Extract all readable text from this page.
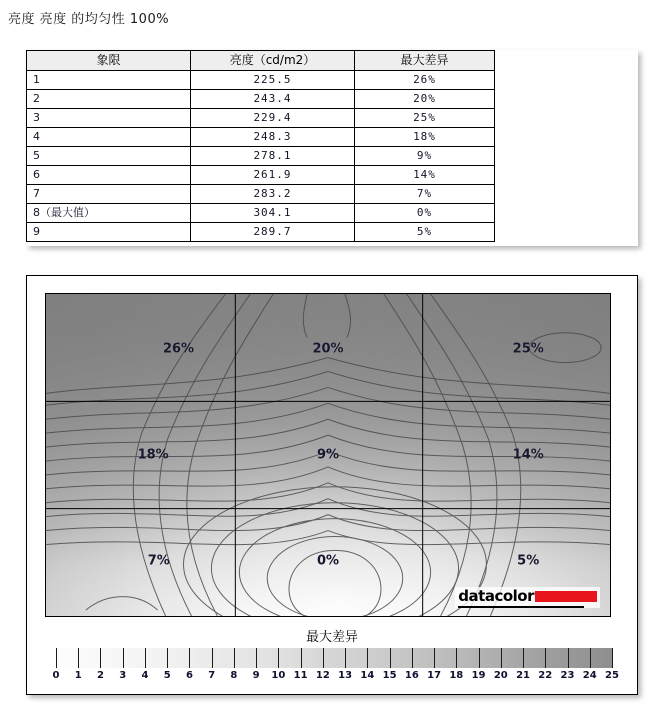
亮度 亮度 的均匀性 100%
象限	亮度（cd/m2）	最大差异
1	225.5	26%
2	243.4	20%
3	229.4	25%
4	248.3	18%
5	278.1	9%
6	261.9	14%
7	283.2	7%
8（最大值）	304.1	0%
9	289.7	5%
26%	20%	25%
18%	9%	14%
7%	0%	5%
datacolor
最大差异
0 1 2 3 4 5 6 7 8 9 10 11 12 13 14 15 16 17 18 19 20 21 22 23 24 25
